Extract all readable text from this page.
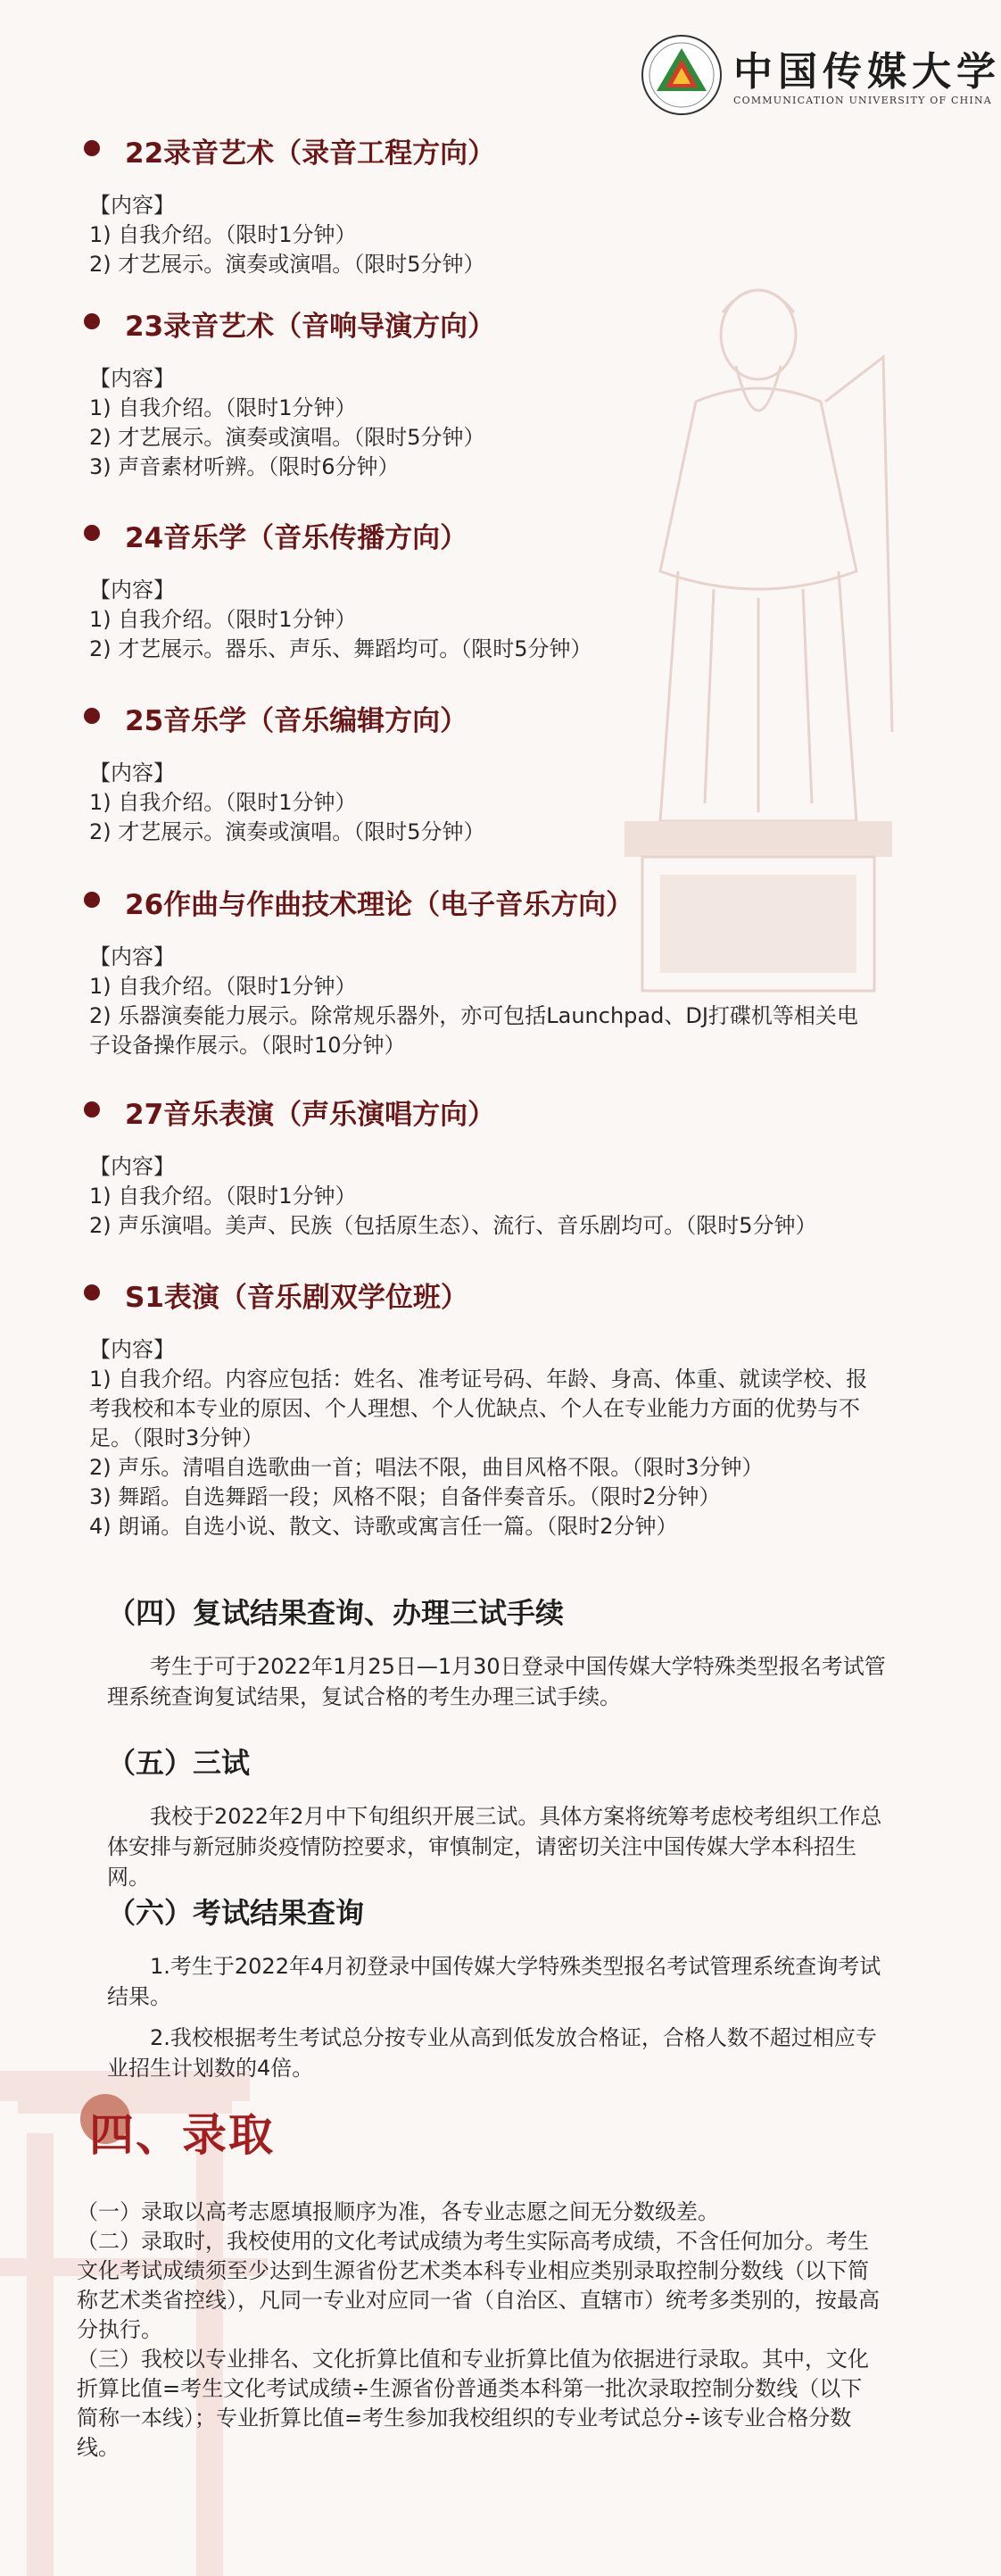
中国传媒大学
COMMUNICATION UNIVERSITY OF CHINA
22录音艺术（录音工程方向）
【内容】
1) 自我介绍。（限时1分钟）
2) 才艺展示。演奏或演唱。（限时5分钟）
23录音艺术（音响导演方向）
【内容】
1) 自我介绍。（限时1分钟）
2) 才艺展示。演奏或演唱。（限时5分钟）
3) 声音素材听辨。（限时6分钟）
24音乐学（音乐传播方向）
【内容】
1) 自我介绍。（限时1分钟）
2) 才艺展示。器乐、声乐、舞蹈均可。（限时5分钟）
25音乐学（音乐编辑方向）
【内容】
1) 自我介绍。（限时1分钟）
2) 才艺展示。演奏或演唱。（限时5分钟）
26作曲与作曲技术理论（电子音乐方向）
【内容】
1) 自我介绍。（限时1分钟）
2) 乐器演奏能力展示。除常规乐器外，亦可包括Launchpad、DJ打碟机等相关电
子设备操作展示。（限时10分钟）
27音乐表演（声乐演唱方向）
【内容】
1) 自我介绍。（限时1分钟）
2) 声乐演唱。美声、民族（包括原生态）、流行、音乐剧均可。（限时5分钟）
S1表演（音乐剧双学位班）
【内容】
1) 自我介绍。内容应包括：姓名、准考证号码、年龄、身高、体重、就读学校、报
考我校和本专业的原因、个人理想、个人优缺点、个人在专业能力方面的优势与不
足。（限时3分钟）
2) 声乐。清唱自选歌曲一首；唱法不限，曲目风格不限。（限时3分钟）
3) 舞蹈。自选舞蹈一段；风格不限；自备伴奏音乐。（限时2分钟）
4) 朗诵。自选小说、散文、诗歌或寓言任一篇。（限时2分钟）
（四）复试结果查询、办理三试手续
考生于可于2022年1月25日—1月30日登录中国传媒大学特殊类型报名考试管理系统查询复试结果，复试合格的考生办理三试手续。
（五）三试
我校于2022年2月中下旬组织开展三试。具体方案将统筹考虑校考组织工作总体安排与新冠肺炎疫情防控要求，审慎制定，请密切关注中国传媒大学本科招生网。
（六）考试结果查询
1.考生于2022年4月初登录中国传媒大学特殊类型报名考试管理系统查询考试结果。
2.我校根据考生考试总分按专业从高到低发放合格证，合格人数不超过相应专业招生计划数的4倍。
四、录取
（一）录取以高考志愿填报顺序为准，各专业志愿之间无分数级差。
（二）录取时，我校使用的文化考试成绩为考生实际高考成绩，不含任何加分。考生文化考试成绩须至少达到生源省份艺术类本科专业相应类别录取控制分数线（以下简称艺术类省控线），凡同一专业对应同一省（自治区、直辖市）统考多类别的，按最高分执行。
（三）我校以专业排名、文化折算比值和专业折算比值为依据进行录取。其中，文化折算比值=考生文化考试成绩÷生源省份普通类本科第一批次录取控制分数线（以下简称一本线）；专业折算比值=考生参加我校组织的专业考试总分÷该专业合格分数线。
